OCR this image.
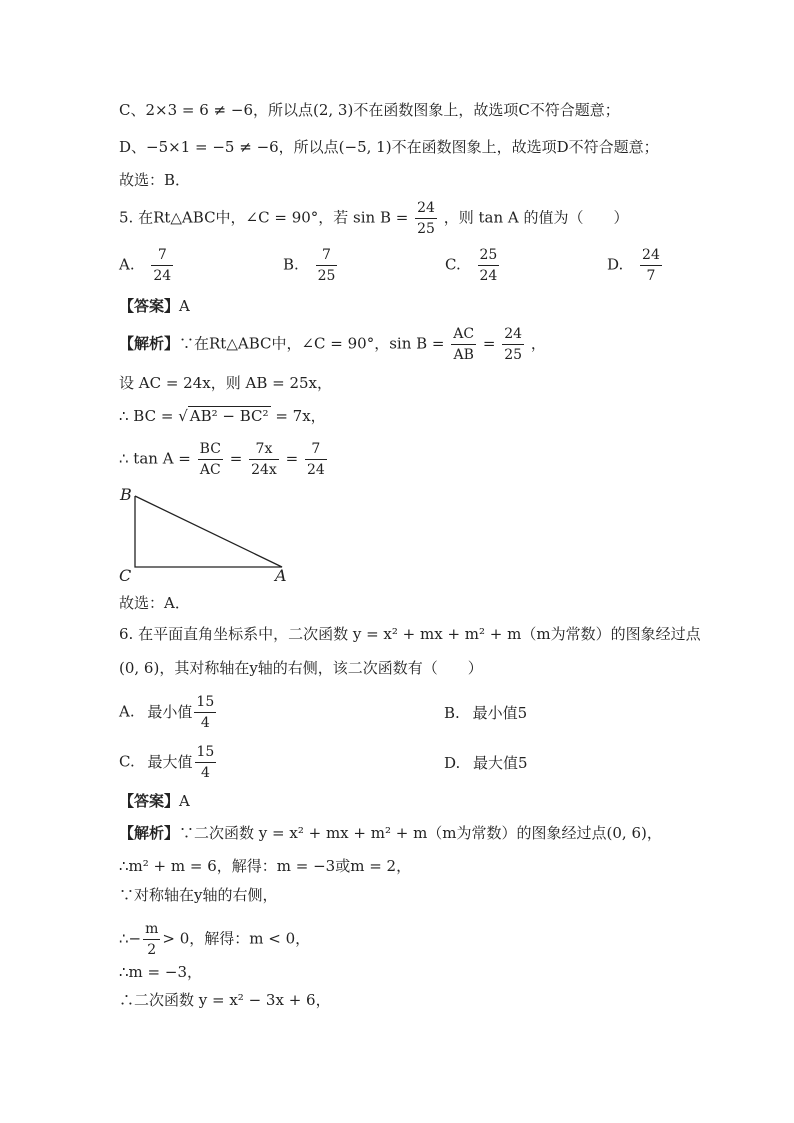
C、2×3 = 6 ≠ −6，所以点(2, 3)不在函数图象上，故选项C不符合题意；
D、−5×1 = −5 ≠ −6，所以点(−5, 1)不在函数图象上，故选项D不符合题意；
故选：B．
5. 在Rt△ABC中，∠C = 90°，若 $\sin B = \frac{24}{25}$ ，则 tan A 的值为（　　）
A. $\frac{7}{24}$	B. $\frac{7}{25}$	C. $\frac{25}{24}$	D. $\frac{24}{7}$
【答案】A
【解析】∵在Rt△ABC中，∠C = 90°，$\sin B = \frac{AC}{AB} = \frac{24}{25}$ ，
设 AC = 24x，则 AB = 25x，
∴ BC = √ AB² − BC² = 7x，
∴ $\tan A = \frac{BC}{AC} = \frac{7x}{24x} = \frac{7}{24}$
B
C	A
故选：A．
6. 在平面直角坐标系中，二次函数 y = x² + mx + m² + m（m为常数）的图象经过点
(0, 6)，其对称轴在y轴的右侧，该二次函数有（　　）
A. 最小值 $\frac{15}{4}$	B. 最小值5
C. 最大值 $\frac{15}{4}$	D. 最大值5
【答案】A
【解析】∵二次函数 y = x² + mx + m² + m（m为常数）的图象经过点(0, 6)，
∴m² + m = 6，解得：m = −3或m = 2，
∵对称轴在y轴的右侧，
∴− $\frac{m}{2} > 0$，解得：m < 0，
∴m = −3，
∴二次函数 y = x² − 3x + 6，
